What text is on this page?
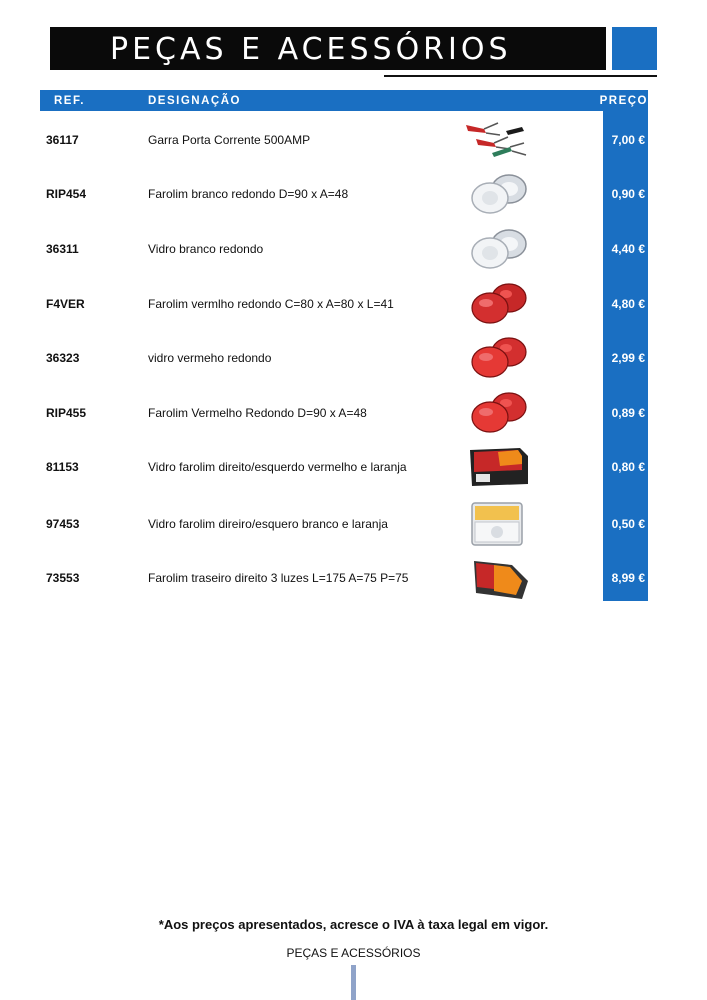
PEÇAS E ACESSÓRIOS
REF.	DESIGNAÇÃO	PREÇO
36117	Garra Porta Corrente 500AMP	7,00 €
RIP454	Farolim branco redondo D=90 x A=48	0,90 €
36311	Vidro branco redondo	4,40 €
F4VER	Farolim vermlho redondo C=80 x A=80 x L=41	4,80 €
36323	vidro vermeho redondo	2,99 €
RIP455	Farolim Vermelho Redondo D=90 x A=48	0,89 €
81153	Vidro farolim direito/esquerdo vermelho e laranja	0,80 €
97453	Vidro farolim direiro/esquero branco e laranja	0,50 €
73553	Farolim traseiro direito 3 luzes L=175 A=75 P=75	8,99 €
*Aos preços apresentados, acresce o IVA à taxa legal em vigor.
PEÇAS E ACESSÓRIOS
